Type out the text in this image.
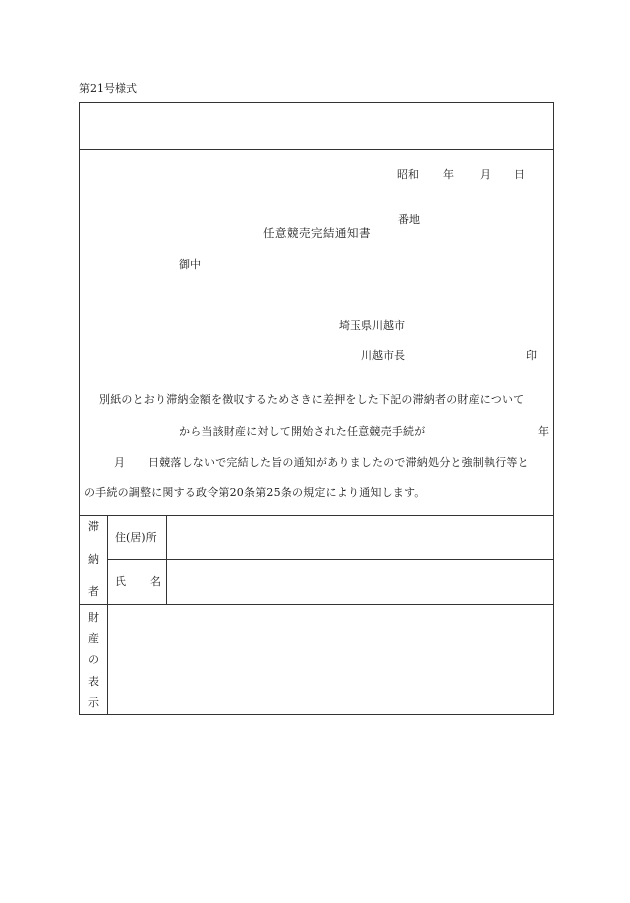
第21号様式
任意競売完結通知書
昭和 年 月 日
番地
御中
埼玉県川越市
川越市長	印
別紙のとおり滞納金額を徴収するためさきに差押をした下記の滞納者の財産について
から当該財産に対して開始された任意競売手続が	年
月 日競落しないで完結した旨の通知がありましたので滞納処分と強制執行等と
の手続の調整に関する政令第20条第25条の規定により通知します。
滞
納
者
住(居)所
氏 名
財
産
の
表
示
